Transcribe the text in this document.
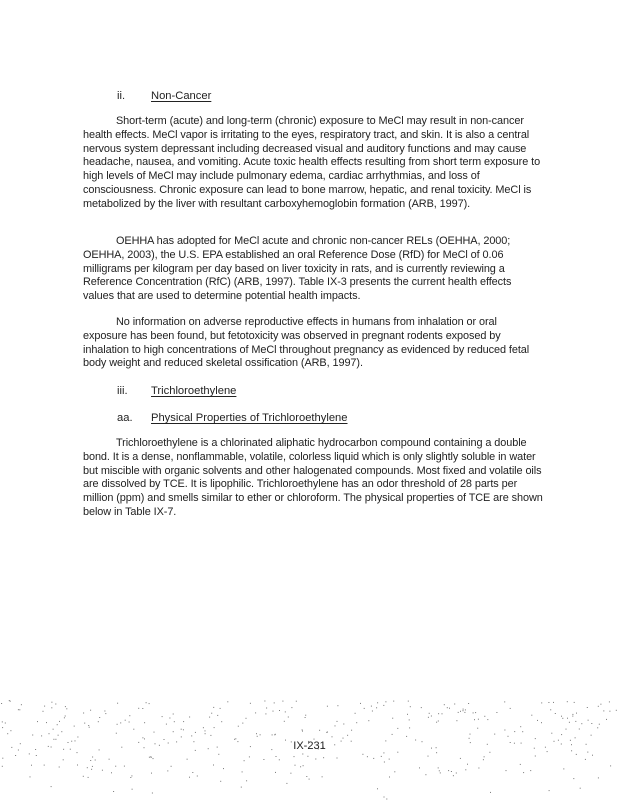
ii. Non-Cancer

Short-term (acute) and long-term (chronic) exposure to MeCl may result in non-cancer health effects. MeCl vapor is irritating to the eyes, respiratory tract, and skin. It is also a central nervous system depressant including decreased visual and auditory functions and may cause headache, nausea, and vomiting. Acute toxic health effects resulting from short term exposure to high levels of MeCl may include pulmonary edema, cardiac arrhythmias, and loss of consciousness. Chronic exposure can lead to bone marrow, hepatic, and renal toxicity. MeCl is metabolized by the liver with resultant carboxyhemoglobin formation (ARB, 1997).

OEHHA has adopted for MeCl acute and chronic non-cancer RELs (OEHHA, 2000; OEHHA, 2003), the U.S. EPA established an oral Reference Dose (RfD) for MeCl of 0.06 milligrams per kilogram per day based on liver toxicity in rats, and is currently reviewing a Reference Concentration (RfC) (ARB, 1997). Table IX-3 presents the current health effects values that are used to determine potential health impacts.

No information on adverse reproductive effects in humans from inhalation or oral exposure has been found, but fetotoxicity was observed in pregnant rodents exposed by inhalation to high concentrations of MeCl throughout pregnancy as evidenced by reduced fetal body weight and reduced skeletal ossification (ARB, 1997).

iii. Trichloroethylene
aa. Physical Properties of Trichloroethylene

Trichloroethylene is a chlorinated aliphatic hydrocarbon compound containing a double bond. It is a dense, nonflammable, volatile, colorless liquid which is only slightly soluble in water but miscible with organic solvents and other halogenated compounds. Most fixed and volatile oils are dissolved by TCE. It is lipophilic. Trichloroethylene has an odor threshold of 28 parts per million (ppm) and smells similar to ether or chloroform. The physical properties of TCE are shown below in Table IX-7.

IX-231
